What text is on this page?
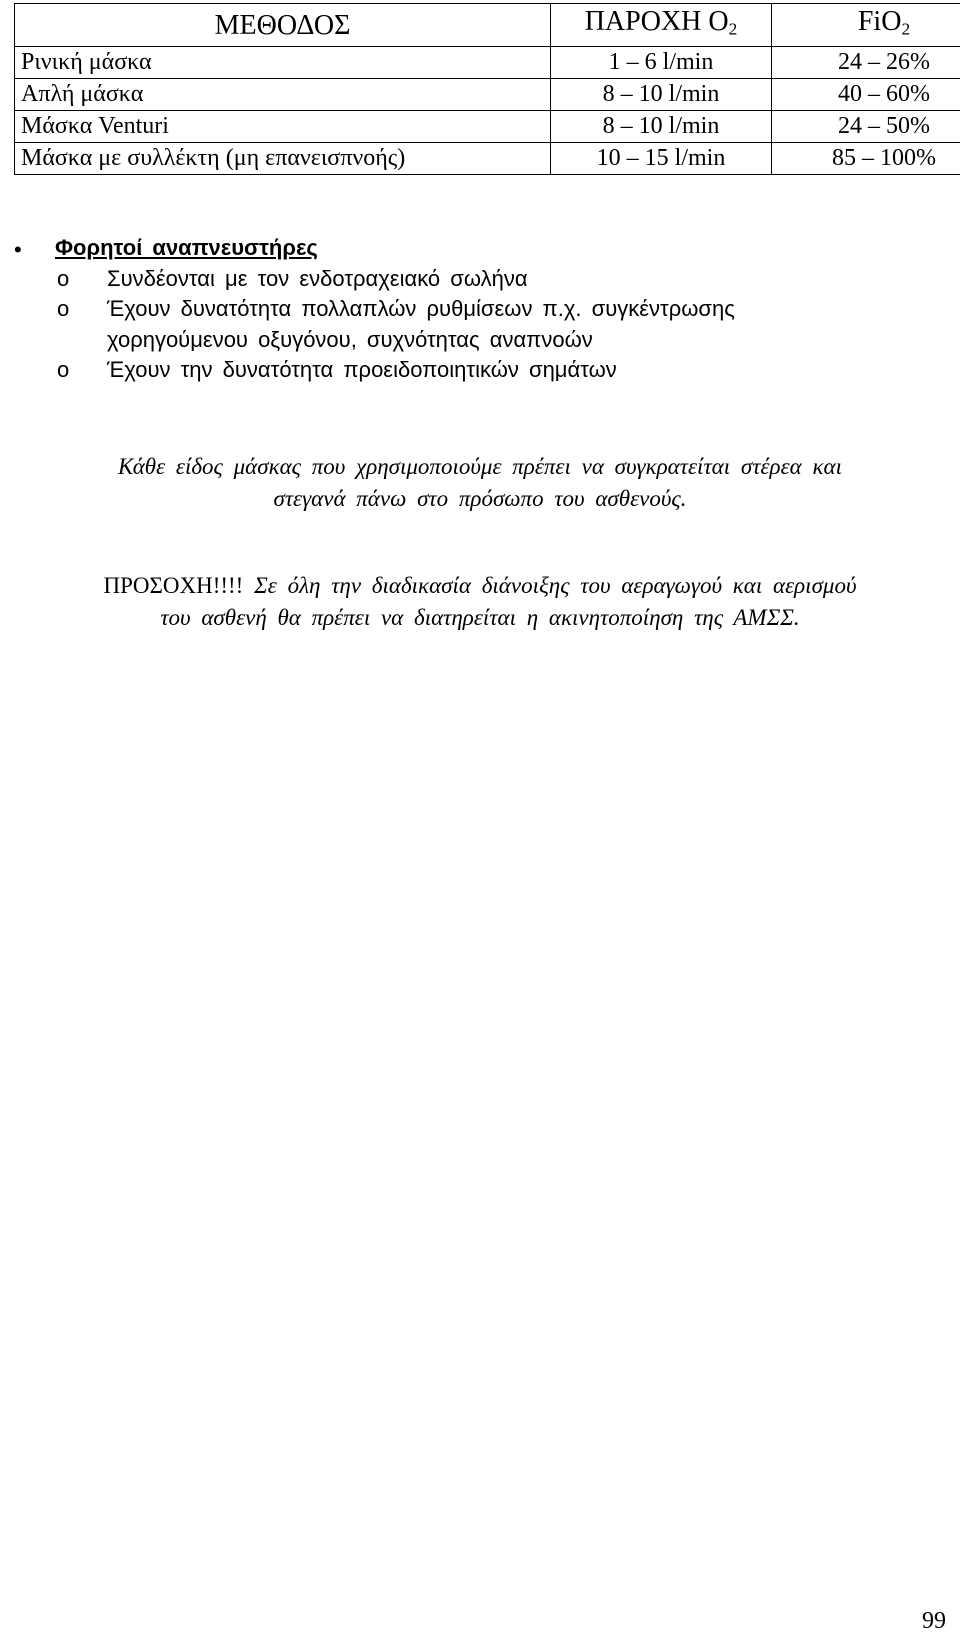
ΜΕΘΟΔΟΣ	ΠΑΡΟΧΗ $O_2$	FiO$_2$
Ρινική μάσκα	1 – 6 l/min	24 – 26%
Απλή μάσκα	8 – 10 l/min	40 – 60%
Μάσκα Venturi	8 – 10 l/min	24 – 50%
Μάσκα με συλλέκτη (μη επανεισπνοής)	10 – 15 l/min	85 – 100%
• Φορητοί αναπνευστήρες
o Συνδέονται με τον ενδοτραχειακό σωλήνα
o Έχουν δυνατότητα πολλαπλών ρυθμίσεων π.χ. συγκέντρωσης
χορηγούμενου οξυγόνου, συχνότητας αναπνοών
o Έχουν την δυνατότητα προειδοποιητικών σημάτων
Κάθε είδος μάσκας που χρησιμοποιούμε πρέπει να συγκρατείται στέρεα και
στεγανά πάνω στο πρόσωπο του ασθενούς.
ΠΡΟΣΟΧΗ!!!! Σε όλη την διαδικασία διάνοιξης του αεραγωγού και αερισμού
του ασθενή θα πρέπει να διατηρείται η ακινητοποίηση της ΑΜΣΣ.
99
